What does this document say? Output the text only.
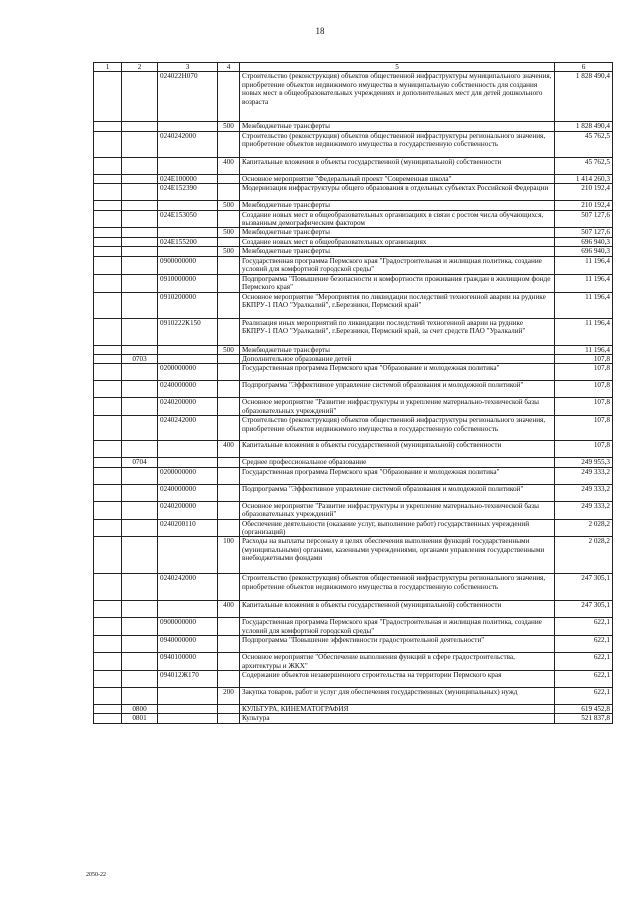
18
1	2	3	4	5	6
		024022Н070		Строительство (реконструкция) объектов общественной инфраструктуры муниципального значения, приобретение объектов недвижимого имущества в муниципальную собственность для создания новых мест в общеобразовательных учреждениях и дополнительных мест для детей дошкольного возраста	1 828 490,4
			500	Межбюджетные трансферты	1 828 490,4
		0240242000		Строительство (реконструкция) объектов общественной инфраструктуры регионального значения, приобретение объектов недвижимого имущества в государственную собственность	45 762,5
			400	Капитальные вложения в объекты государственной (муниципальной) собственности	45 762,5
		024E100000		Основное мероприятие "Федеральный проект "Современная школа"	1 414 260,3
		024E152390		Модернизация инфраструктуры общего образования в отдельных субъектах Российской Федерации	210 192,4
			500	Межбюджетные трансферты	210 192,4
		024E153050		Создание новых мест в общеобразовательных организациях в связи с ростом числа обучающихся, вызванным демографическим фактором	507 127,6
			500	Межбюджетные трансферты	507 127,6
		024E155200		Создание новых мест в общеобразовательных организациях	696 940,3
			500	Межбюджетные трансферты	696 940,3
		0900000000		Государственная программа Пермского края "Градостроительная и жилищная политика, создание условий для комфортной городской среды"	11 196,4
		0910000000		Подпрограмма "Повышение безопасности и комфортности проживания граждан в жилищном фонде Пермского края"	11 196,4
		0910200000		Основное мероприятие "Мероприятия по ликвидации последствий техногенной аварии на руднике БКПРУ-1 ПАО "Уралкалий", г.Березники, Пермский край"	11 196,4
		0910222К150		Реализация иных мероприятий по ликвидации последствий техногенной аварии на руднике БКПРУ-1 ПАО "Уралкалий", г.Березники, Пермский край, за счет средств ПАО "Уралкалий"	11 196,4
			500	Межбюджетные трансферты	11 196,4
	0703			Дополнительное образование детей	107,8
		0200000000		Государственная программа Пермского края "Образование и молодежная политика"	107,8
		0240000000		Подпрограмма "Эффективное управление системой образования и молодежной политикой"	107,8
		0240200000		Основное мероприятие "Развитие инфраструктуры и укрепление материально-технической базы образовательных учреждений"	107,8
		0240242000		Строительство (реконструкция) объектов общественной инфраструктуры регионального значения, приобретение объектов недвижимого имущества в государственную собственность	107,8
			400	Капитальные вложения в объекты государственной (муниципальной) собственности	107,8
	0704			Среднее профессиональное образование	249 955,3
		0200000000		Государственная программа Пермского края "Образование и молодежная политика"	249 333,2
		0240000000		Подпрограмма "Эффективное управление системой образования и молодежной политикой"	249 333,2
		0240200000		Основное мероприятие "Развитие инфраструктуры и укрепление материально-технической базы образовательных учреждений"	249 333,2
		0240200110		Обеспечение деятельности (оказание услуг, выполнение работ) государственных учреждений (организаций)	2 028,2
			100	Расходы на выплаты персоналу в целях обеспечения выполнения функций государственными (муниципальными) органами, казенными учреждениями, органами управления государственными внебюджетными фондами	2 028,2
		0240242000		Строительство (реконструкция) объектов общественной инфраструктуры регионального значения, приобретение объектов недвижимого имущества в государственную собственность	247 305,1
			400	Капитальные вложения в объекты государственной (муниципальной) собственности	247 305,1
		0900000000		Государственная программа Пермского края "Градостроительная и жилищная политика, создание условий для комфортной городской среды"	622,1
		0940000000		Подпрограмма "Повышение эффективности градостроительной деятельности"	622,1
		0940100000		Основное мероприятие "Обеспечение выполнения функций в сфере градостроительства, архитектуры и ЖКХ"	622,1
		094012Ж170		Содержание объектов незавершенного строительства на территории Пермского края	622,1
			200	Закупка товаров, работ и услуг для обеспечения государственных (муниципальных) нужд	622,1
	0800			КУЛЬТУРА, КИНЕМАТОГРАФИЯ	619 452,8
	0801			Культура	521 837,8
2050-22
